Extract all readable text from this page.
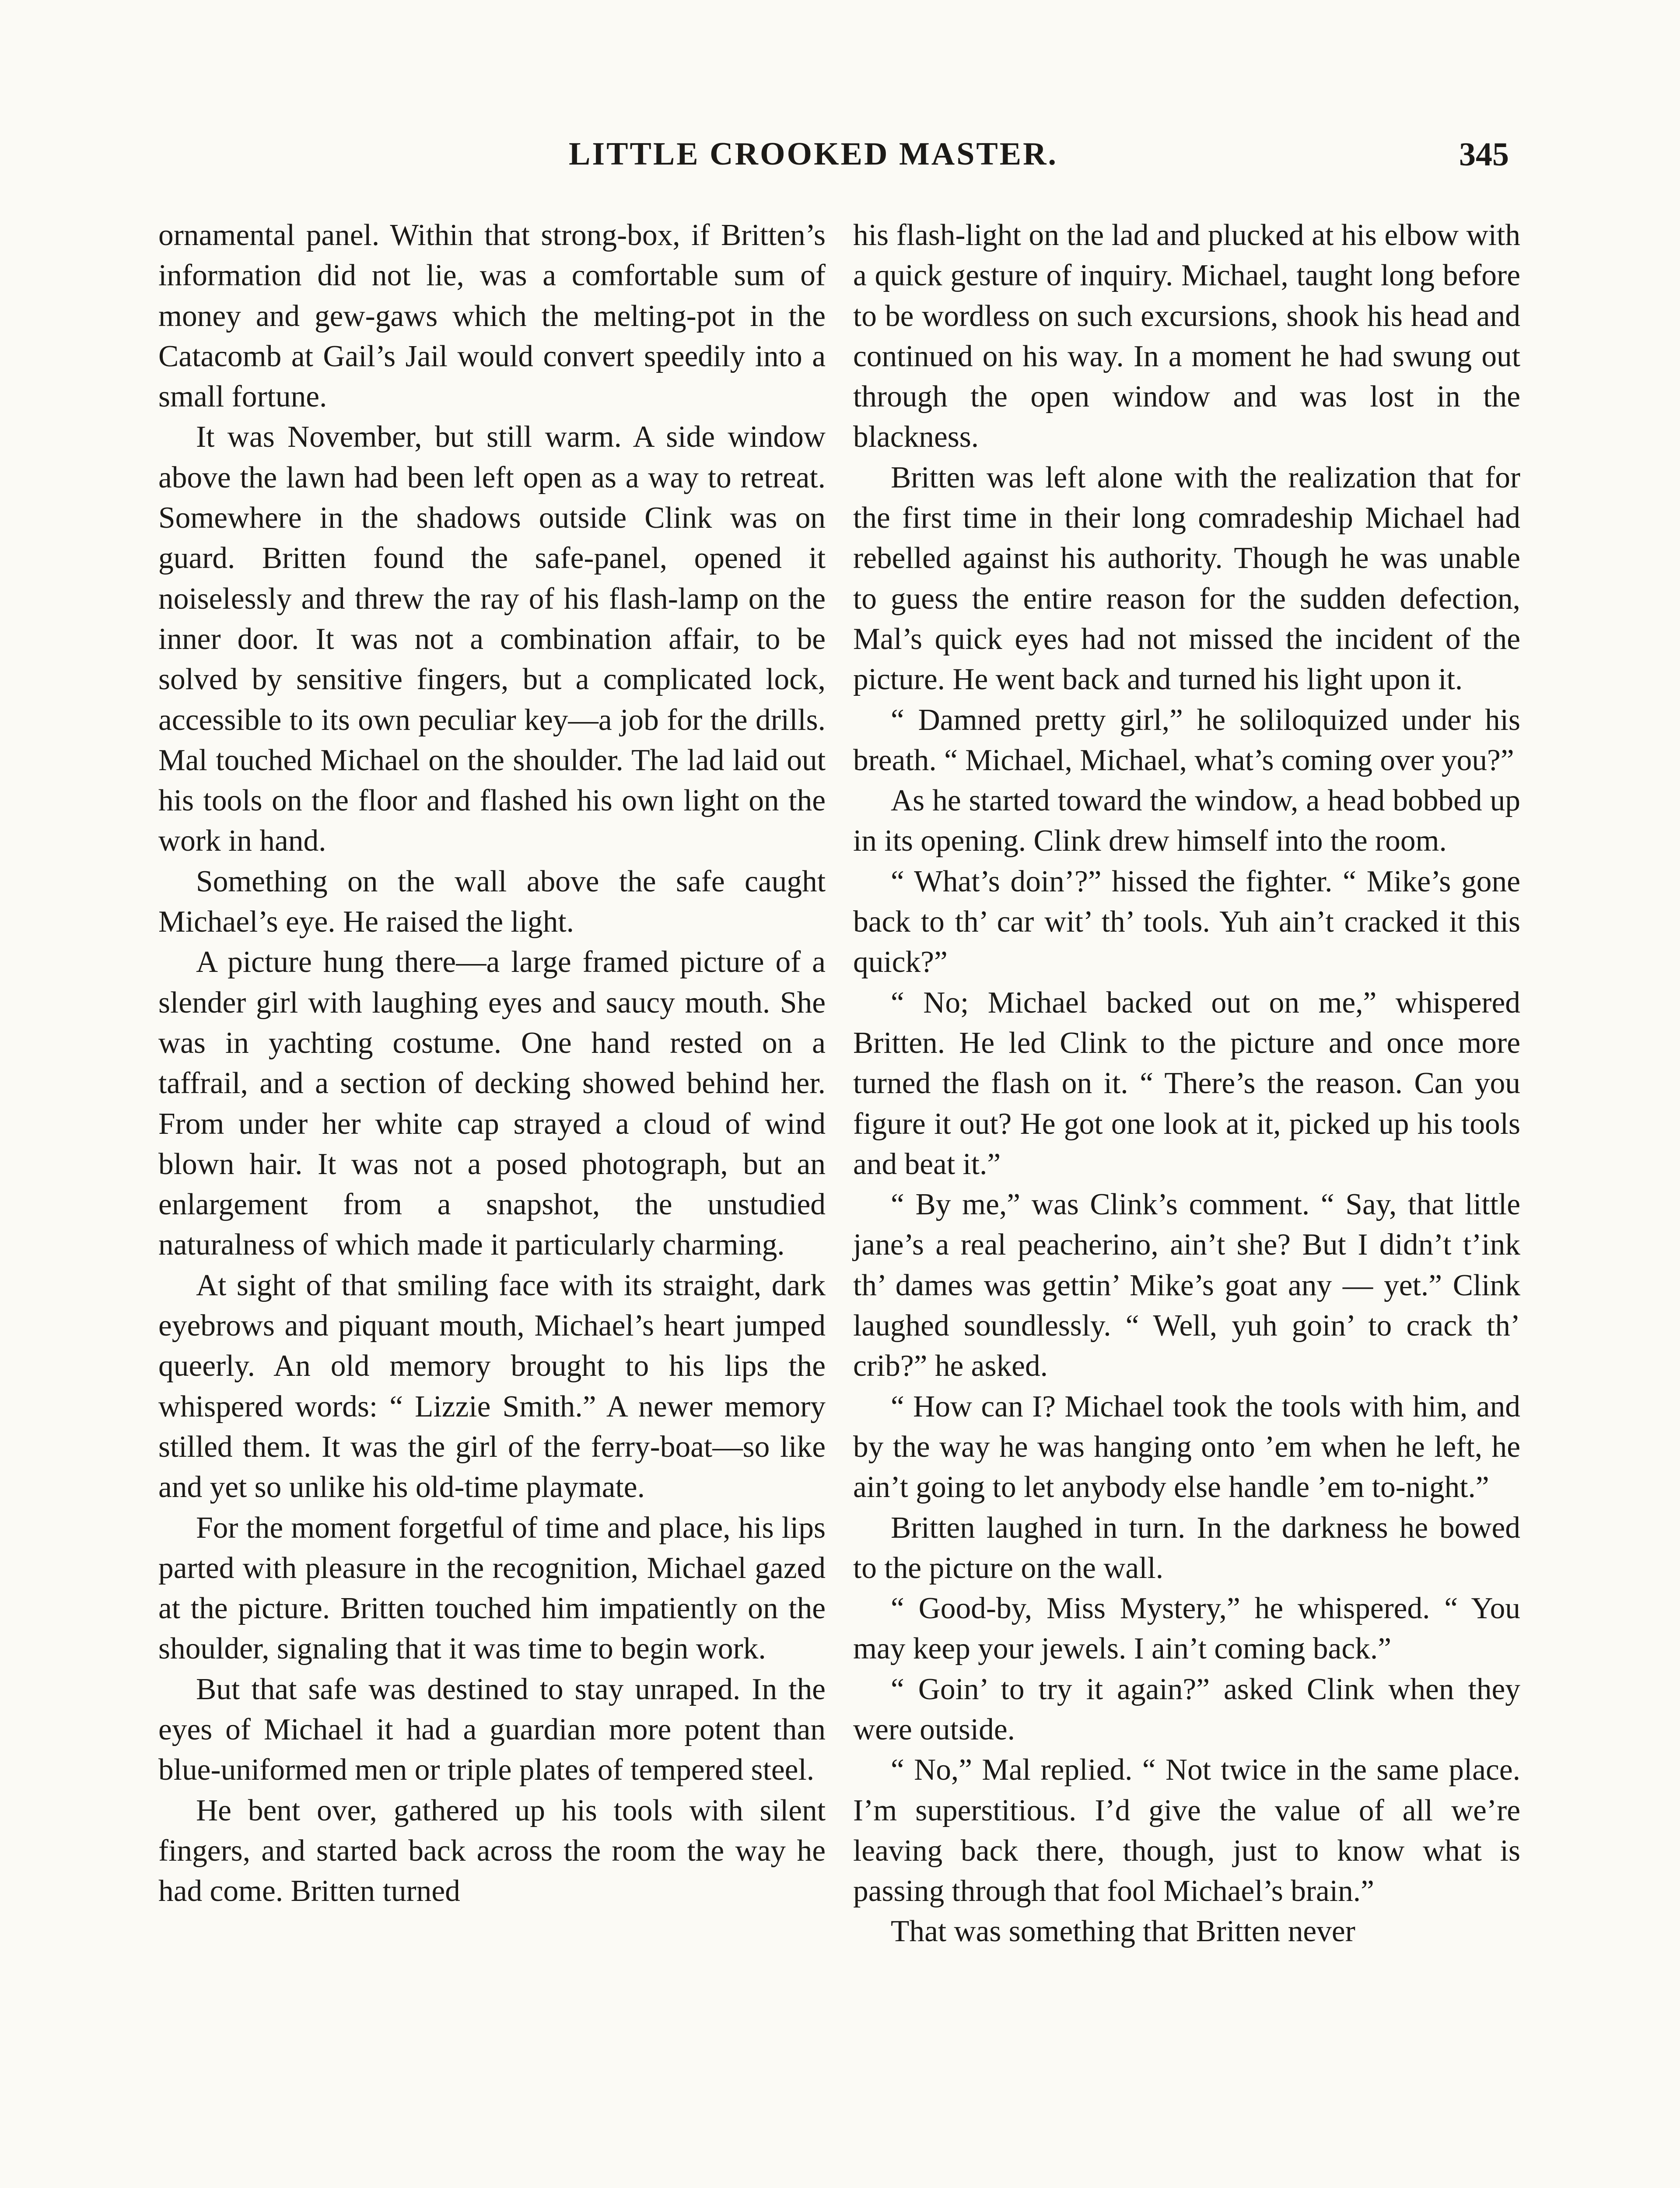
LITTLE CROOKED MASTER.	345

ornamental panel. Within that strong-box, if Britten’s information did not lie, was a comfortable sum of money and gew-gaws which the melting-pot in the Catacomb at Gail’s Jail would convert speedily into a small fortune.

It was November, but still warm. A side window above the lawn had been left open as a way to retreat. Somewhere in the shadows outside Clink was on guard. Britten found the safe-panel, opened it noiselessly and threw the ray of his flash-lamp on the inner door. It was not a combination affair, to be solved by sensitive fingers, but a complicated lock, accessible to its own peculiar key—a job for the drills. Mal touched Michael on the shoulder. The lad laid out his tools on the floor and flashed his own light on the work in hand.

Something on the wall above the safe caught Michael’s eye. He raised the light.

A picture hung there—a large framed picture of a slender girl with laughing eyes and saucy mouth. She was in yachting costume. One hand rested on a taffrail, and a section of decking showed behind her. From under her white cap strayed a cloud of wind blown hair. It was not a posed photograph, but an enlargement from a snapshot, the unstudied naturalness of which made it particularly charming.

At sight of that smiling face with its straight, dark eyebrows and piquant mouth, Michael’s heart jumped queerly. An old memory brought to his lips the whispered words: “ Lizzie Smith.” A newer memory stilled them. It was the girl of the ferry-boat—so like and yet so unlike his old-time playmate.

For the moment forgetful of time and place, his lips parted with pleasure in the recognition, Michael gazed at the picture. Britten touched him impatiently on the shoulder, signaling that it was time to begin work.

But that safe was destined to stay unraped. In the eyes of Michael it had a guardian more potent than blue-uniformed men or triple plates of tempered steel.

He bent over, gathered up his tools with silent fingers, and started back across the room the way he had come. Britten turned

his flash-light on the lad and plucked at his elbow with a quick gesture of inquiry. Michael, taught long before to be wordless on such excursions, shook his head and continued on his way. In a moment he had swung out through the open window and was lost in the blackness.

Britten was left alone with the realization that for the first time in their long comradeship Michael had rebelled against his authority. Though he was unable to guess the entire reason for the sudden defection, Mal’s quick eyes had not missed the incident of the picture. He went back and turned his light upon it.

“ Damned pretty girl,” he soliloquized under his breath. “ Michael, Michael, what’s coming over you?”

As he started toward the window, a head bobbed up in its opening. Clink drew himself into the room.

“ What’s doin’?” hissed the fighter. “ Mike’s gone back to th’ car wit’ th’ tools. Yuh ain’t cracked it this quick?”

“ No; Michael backed out on me,” whispered Britten. He led Clink to the picture and once more turned the flash on it. “ There’s the reason. Can you figure it out? He got one look at it, picked up his tools and beat it.”

“ By me,” was Clink’s comment. “ Say, that little jane’s a real peacherino, ain’t she? But I didn’t t’ink th’ dames was gettin’ Mike’s goat any — yet.” Clink laughed soundlessly. “ Well, yuh goin’ to crack th’ crib?” he asked.

“ How can I? Michael took the tools with him, and by the way he was hanging onto ’em when he left, he ain’t going to let anybody else handle ’em to-night.”

Britten laughed in turn. In the darkness he bowed to the picture on the wall.

“ Good-by, Miss Mystery,” he whispered. “ You may keep your jewels. I ain’t coming back.”

“ Goin’ to try it again?” asked Clink when they were outside.

“ No,” Mal replied. “ Not twice in the same place. I’m superstitious. I’d give the value of all we’re leaving back there, though, just to know what is passing through that fool Michael’s brain.”

That was something that Britten never
